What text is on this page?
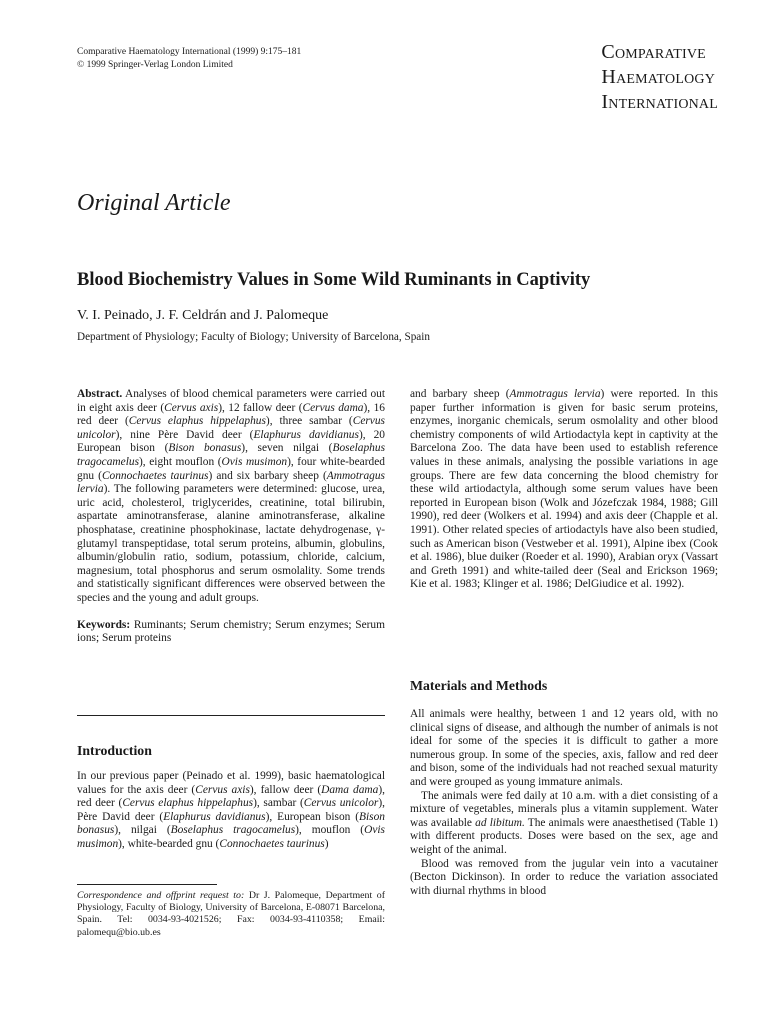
Comparative Haematology International (1999) 9:175–181
© 1999 Springer-Verlag London Limited
Comparative
Haematology
International
Original Article
Blood Biochemistry Values in Some Wild Ruminants in Captivity
V. I. Peinado, J. F. Celdrán and J. Palomeque
Department of Physiology; Faculty of Biology; University of Barcelona, Spain

Abstract. Analyses of blood chemical parameters were carried out in eight axis deer (Cervus axis), 12 fallow deer (Cervus dama), 16 red deer (Cervus elaphus hippelaphus), three sambar (Cervus unicolor), nine Père David deer (Elaphurus davidianus), 20 European bison (Bison bonasus), seven nilgai (Boselaphus tragocamelus), eight mouflon (Ovis musimon), four white-bearded gnu (Connochaetes taurinus) and six barbary sheep (Ammotragus lervia). The following parameters were determined: glucose, urea, uric acid, cholesterol, triglycerides, creatinine, total bilirubin, aspartate aminotransferase, alanine aminotransferase, alkaline phosphatase, creatinine phosphokinase, lactate dehydrogenase, γ-glutamyl transpeptidase, total serum proteins, albumin, globulins, albumin/globulin ratio, sodium, potassium, chloride, calcium, magnesium, total phosphorus and serum osmolality. Some trends and statistically significant differences were observed between the species and the young and adult groups.

Keywords: Ruminants; Serum chemistry; Serum enzymes; Serum ions; Serum proteins

Introduction

In our previous paper (Peinado et al. 1999), basic haematological values for the axis deer (Cervus axis), fallow deer (Dama dama), red deer (Cervus elaphus hippelaphus), sambar (Cervus unicolor), Père David deer (Elaphurus davidianus), European bison (Bison bonasus), nilgai (Boselaphus tragocamelus), mouflon (Ovis musimon), white-bearded gnu (Connochaetes taurinus)

Correspondence and offprint request to: Dr J. Palomeque, Department of Physiology, Faculty of Biology, University of Barcelona, E-08071 Barcelona, Spain. Tel: 0034-93-4021526; Fax: 0034-93-4110358; Email: palomequ@bio.ub.es

and barbary sheep (Ammotragus lervia) were reported. In this paper further information is given for basic serum proteins, enzymes, inorganic chemicals, serum osmolality and other blood chemistry components of wild Artiodactyla kept in captivity at the Barcelona Zoo. The data have been used to establish reference values in these animals, analysing the possible variations in age groups. There are few data concerning the blood chemistry for these wild artiodactyla, although some serum values have been reported in European bison (Wolk and Józefczak 1984, 1988; Gill 1990), red deer (Wolkers et al. 1994) and axis deer (Chapple et al. 1991). Other related species of artiodactyls have also been studied, such as American bison (Vestweber et al. 1991), Alpine ibex (Cook et al. 1986), blue duiker (Roeder et al. 1990), Arabian oryx (Vassart and Greth 1991) and white-tailed deer (Seal and Erickson 1969; Kie et al. 1983; Klinger et al. 1986; DelGiudice et al. 1992).

Materials and Methods

All animals were healthy, between 1 and 12 years old, with no clinical signs of disease, and although the number of animals is not ideal for some of the species it is difficult to gather a more numerous group. In some of the species, axis, fallow and red deer and bison, some of the individuals had not reached sexual maturity and were grouped as young immature animals.

The animals were fed daily at 10 a.m. with a diet consisting of a mixture of vegetables, minerals plus a vitamin supplement. Water was available ad libitum. The animals were anaesthetised (Table 1) with different products. Doses were based on the sex, age and weight of the animal.

Blood was removed from the jugular vein into a vacutainer (Becton Dickinson). In order to reduce the variation associated with diurnal rhythms in blood
